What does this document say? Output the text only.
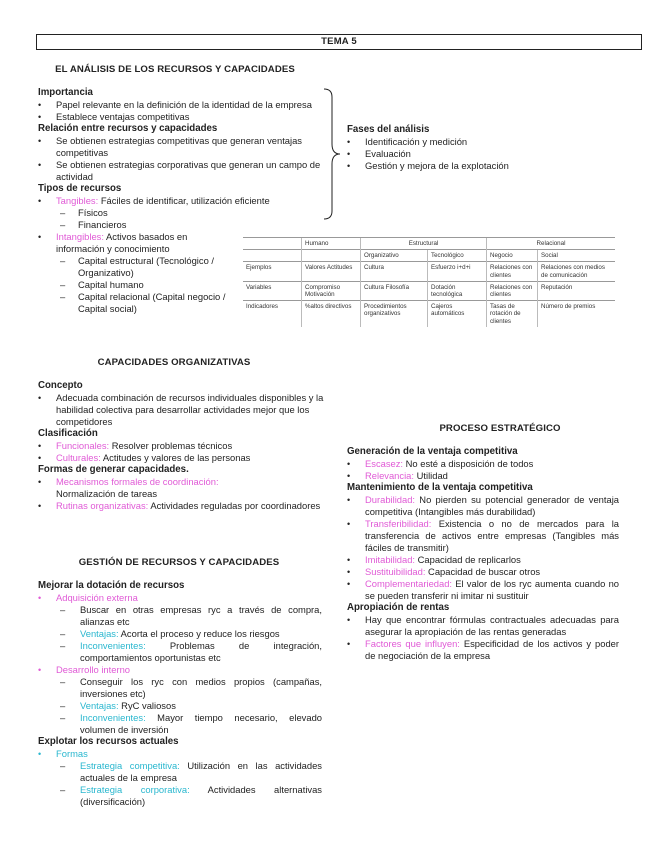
TEMA 5
EL ANÁLISIS DE LOS RECURSOS Y CAPACIDADES
Importancia
• Papel relevante en la definición de la identidad de la empresa
• Establece ventajas competitivas
Relación entre recursos y capacidades
• Se obtienen estrategias competitivas que generan ventajas competitivas
• Se obtienen estrategias corporativas que generan un campo de actividad
Tipos de recursos
• Tangibles: Fáciles de identificar, utilización eficiente
– Físicos
– Financieros
• Intangibles: Activos basados en información y conocimiento
– Capital estructural (Tecnológico / Organizativo)
– Capital humano
– Capital relacional (Capital negocio / Capital social)
Fases del análisis
• Identificación y medición
• Evaluación
• Gestión y mejora de la explotación
	Humano	Estructural		Relacional	
		Organizativo	Tecnológico	Negocio	Social
Ejemplos	Valores Actitudes	Cultura	Esfuerzo i+d+i	Relaciones con clientes	Relaciones con medios de comunicación
Variables	Compromiso Motivación	Cultura Filosofía	Dotación tecnológica	Relaciones con clientes	Reputación
Indicadores	%altos directivos	Procedimientos organizativos	Cajeros automáticos	Tasas de rotación de clientes	Número de premios
CAPACIDADES ORGANIZATIVAS
Concepto
• Adecuada combinación de recursos individuales disponibles y la habilidad colectiva para desarrollar actividades mejor que los competidores
Clasificación
• Funcionales: Resolver problemas técnicos
• Culturales: Actitudes y valores de las personas
Formas de generar capacidades.
• Mecanismos formales de coordinación:
Normalización de tareas
• Rutinas organizativas: Actividades reguladas por coordinadores
GESTIÓN DE RECURSOS Y CAPACIDADES
Mejorar la dotación de recursos
• Adquisición externa
– Buscar en otras empresas ryc a través de compra, alianzas etc
– Ventajas: Acorta el proceso y reduce los riesgos
– Inconvenientes: Problemas de integración, comportamientos oportunistas etc
• Desarrollo interno
– Conseguir los ryc con medios propios (campañas, inversiones etc)
– Ventajas: RyC valiosos
– Inconvenientes: Mayor tiempo necesario, elevado volumen de inversión
Explotar los recursos actuales
• Formas
– Estrategia competitiva: Utilización en las actividades actuales de la empresa
– Estrategia corporativa: Actividades alternativas (diversificación)
PROCESO ESTRATÉGICO
Generación de la ventaja competitiva
• Escasez: No esté a disposición de todos
• Relevancia: Utilidad
Mantenimiento de la ventaja competitiva
• Durabilidad: No pierden su potencial generador de ventaja competitiva (Intangibles más durabilidad)
• Transferibilidad: Existencia o no de mercados para la transferencia de activos entre empresas (Tangibles más fáciles de transmitir)
• Imitabilidad: Capacidad de replicarlos
• Sustituibilidad: Capacidad de buscar otros
• Complementariedad: El valor de los ryc aumenta cuando no se pueden transferir ni imitar ni sustituir
Apropiación de rentas
• Hay que encontrar fórmulas contractuales adecuadas para asegurar la apropiación de las rentas generadas
• Factores que influyen: Especificidad de los activos y poder de negociación de la empresa
